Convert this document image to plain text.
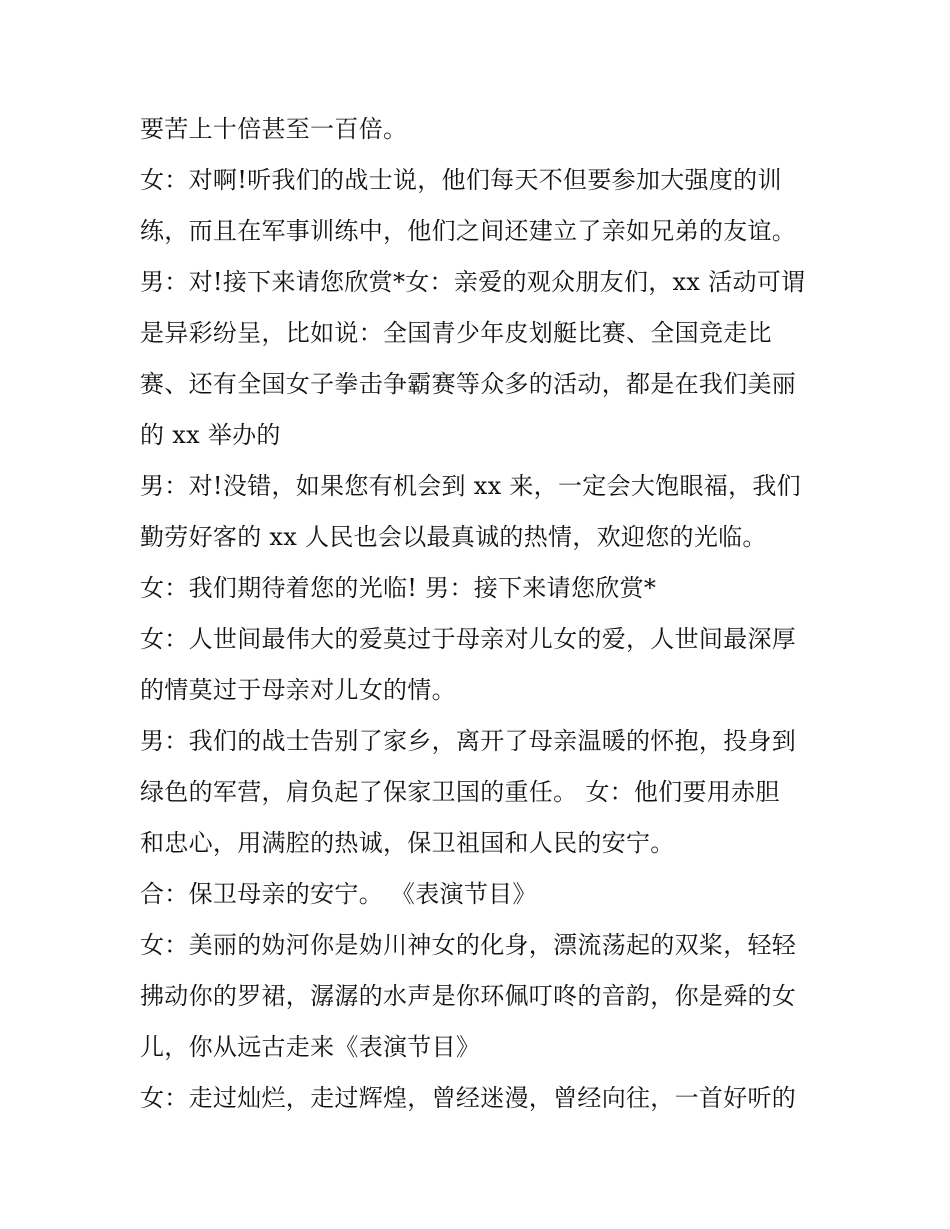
要苦上十倍甚至一百倍。
女：对啊!听我们的战士说，他们每天不但要参加大强度的训
练，而且在军事训练中，他们之间还建立了亲如兄弟的友谊。
男：对!接下来请您欣赏*女：亲爱的观众朋友们，xx 活动可谓
是异彩纷呈，比如说：全国青少年皮划艇比赛、全国竞走比
赛、还有全国女子拳击争霸赛等众多的活动，都是在我们美丽
的 xx 举办的
男：对!没错，如果您有机会到 xx 来，一定会大饱眼福，我们
勤劳好客的 xx 人民也会以最真诚的热情，欢迎您的光临。
女：我们期待着您的光临! 男：接下来请您欣赏*
女：人世间最伟大的爱莫过于母亲对儿女的爱，人世间最深厚
的情莫过于母亲对儿女的情。
男：我们的战士告别了家乡，离开了母亲温暖的怀抱，投身到
绿色的军营，肩负起了保家卫国的重任。 女：他们要用赤胆
和忠心，用满腔的热诚，保卫祖国和人民的安宁。
合：保卫母亲的安宁。 《表演节目》
女：美丽的妫河你是妫川神女的化身，漂流荡起的双桨，轻轻
拂动你的罗裙，潺潺的水声是你环佩叮咚的音韵，你是舜的女
儿，你从远古走来《表演节目》
女：走过灿烂，走过辉煌，曾经迷漫，曾经向往，一首好听的
